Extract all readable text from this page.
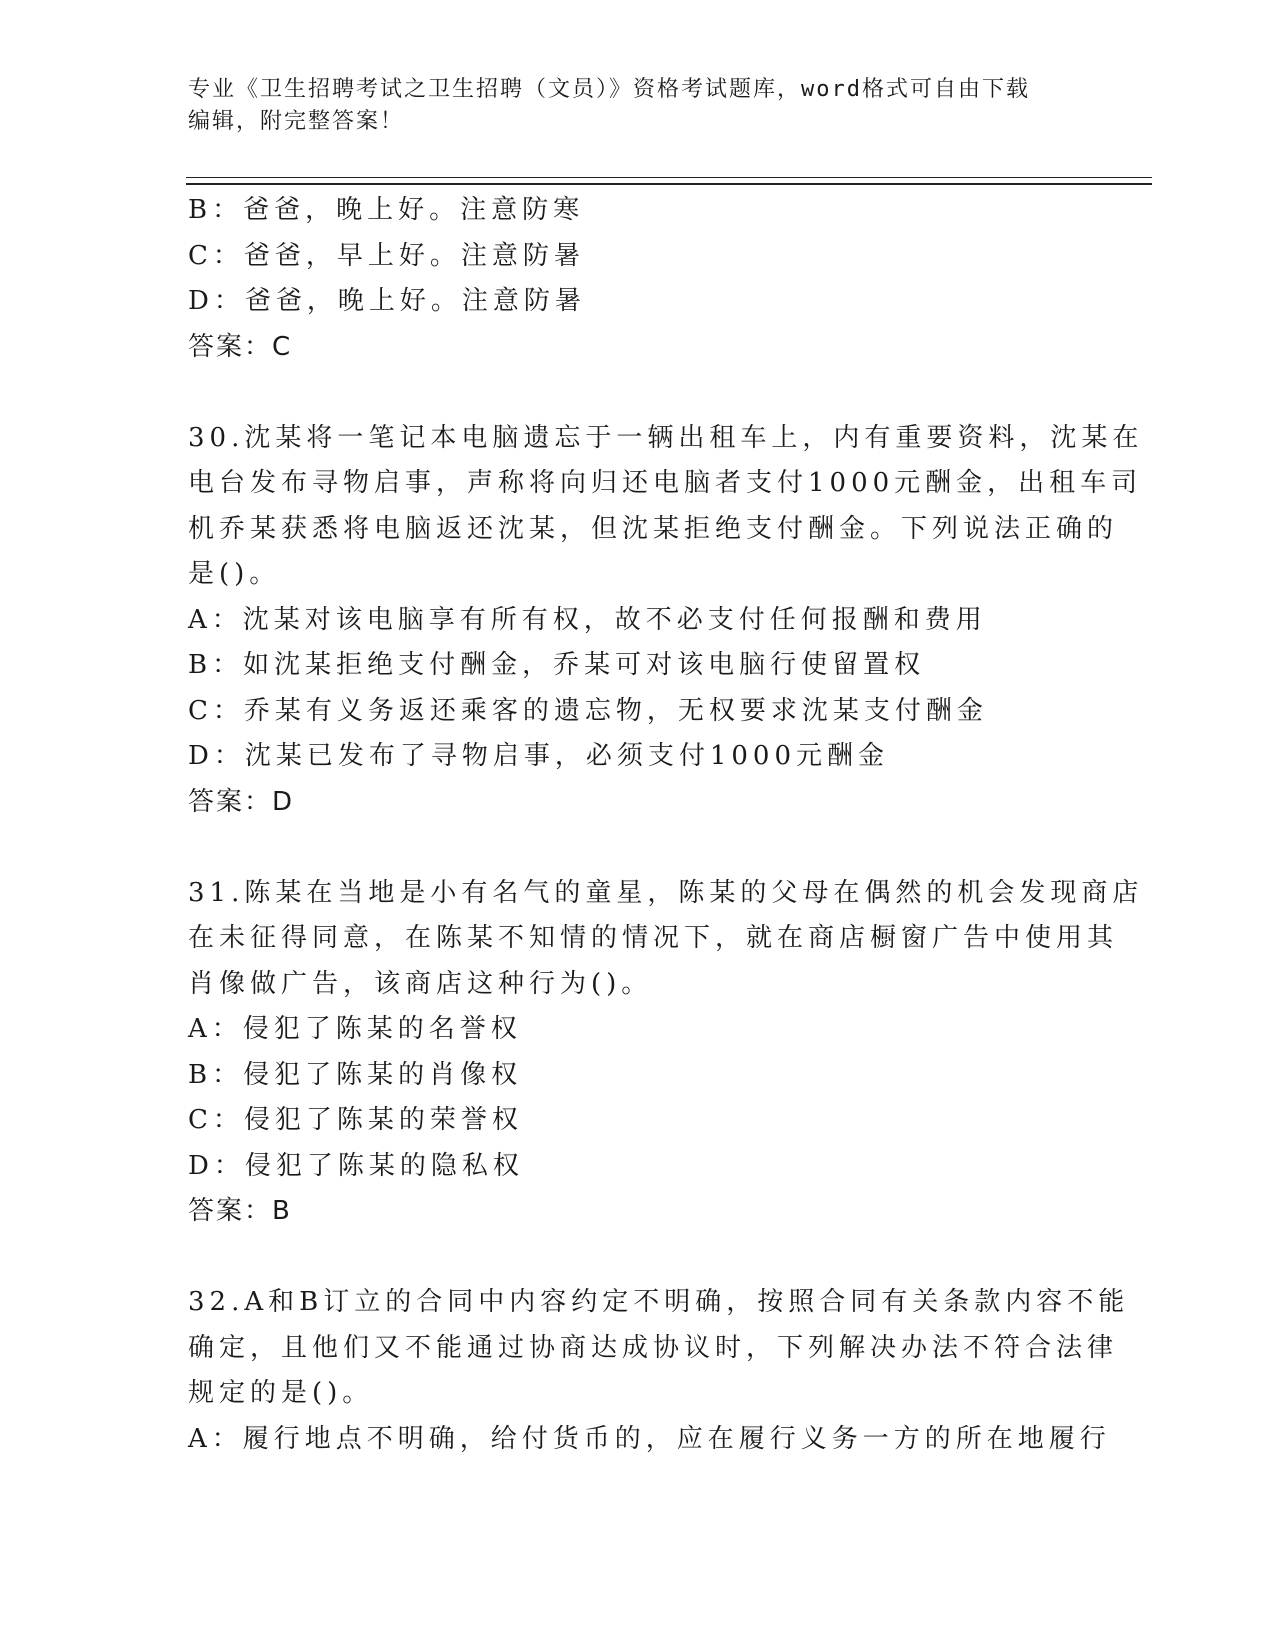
专业《卫生招聘考试之卫生招聘（文员）》资格考试题库，word格式可自由下载
编辑，附完整答案！
B：爸爸，晚上好。注意防寒
C：爸爸，早上好。注意防暑
D：爸爸，晚上好。注意防暑
答案：C
30.沈某将一笔记本电脑遗忘于一辆出租车上，内有重要资料，沈某在
电台发布寻物启事，声称将向归还电脑者支付1000元酬金，出租车司
机乔某获悉将电脑返还沈某，但沈某拒绝支付酬金。下列说法正确的
是()。
A：沈某对该电脑享有所有权，故不必支付任何报酬和费用
B：如沈某拒绝支付酬金，乔某可对该电脑行使留置权
C：乔某有义务返还乘客的遗忘物，无权要求沈某支付酬金
D：沈某已发布了寻物启事，必须支付1000元酬金
答案：D
31.陈某在当地是小有名气的童星，陈某的父母在偶然的机会发现商店
在未征得同意，在陈某不知情的情况下，就在商店橱窗广告中使用其
肖像做广告，该商店这种行为()。
A：侵犯了陈某的名誉权
B：侵犯了陈某的肖像权
C：侵犯了陈某的荣誉权
D：侵犯了陈某的隐私权
答案：B
32.A和B订立的合同中内容约定不明确，按照合同有关条款内容不能
确定，且他们又不能通过协商达成协议时，下列解决办法不符合法律
规定的是()。
A：履行地点不明确，给付货币的，应在履行义务一方的所在地履行
